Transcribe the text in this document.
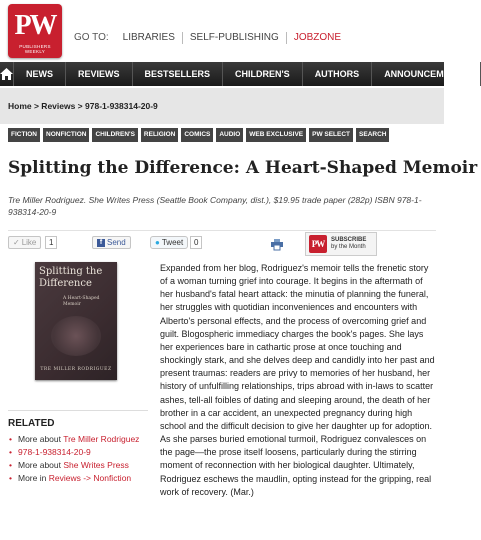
PW
PUBLISHERS WEEKLY
GO TO:	LIBRARIES	SELF-PUBLISHING	JOBZONE
NEWS	REVIEWS	BESTSELLERS	CHILDREN'S	AUTHORS	ANNOUNCEMENTS
Home > Reviews > 978-1-938314-20-9
FICTION	NONFICTION	CHILDREN'S	RELIGION	COMICS	AUDIO	WEB EXCLUSIVE	PW SELECT	SEARCH
Splitting the Difference: A Heart-Shaped Memoir
Tre Miller Rodriguez. She Writes Press (Seattle Book Company, dist.), $19.95 trade paper (282p) ISBN 978-1-938314-20-9
✓ Like	1	f Send	● Tweet	0	PW	SUBSCRIBE
by the Month
Splitting the
Difference
A Heart-Shaped Memoir
TRE MILLER RODRIGUEZ
RELATED
• More about Tre Miller Rodriguez
• 978-1-938314-20-9
• More about She Writes Press
• More in Reviews -> Nonfiction
Expanded from her blog, Rodriguez's memoir tells the frenetic story of a woman turning grief into courage. It begins in the aftermath of her husband's fatal heart attack: the minutia of planning the funeral, her struggles with quotidian inconveniences and encounters with Alberto's personal effects, and the process of overcoming grief and guilt. Blogospheric immediacy charges the book's pages. She lays her experiences bare in cathartic prose at once touching and shockingly stark, and she delves deep and candidly into her past and present traumas: readers are privy to memories of her husband, her history of unfulfilling relationships, trips abroad with in-laws to scatter ashes, tell-all foibles of dating and sleeping around, the death of her brother in a car accident, an unexpected pregnancy during high school and the difficult decision to give her daughter up for adoption. As she parses buried emotional turmoil, Rodriguez convalesces on the page—the prose itself loosens, particularly during the stirring moment of reconnection with her biological daughter. Ultimately, Rodriguez eschews the maudlin, opting instead for the gripping, real work of recovery. (Mar.)
